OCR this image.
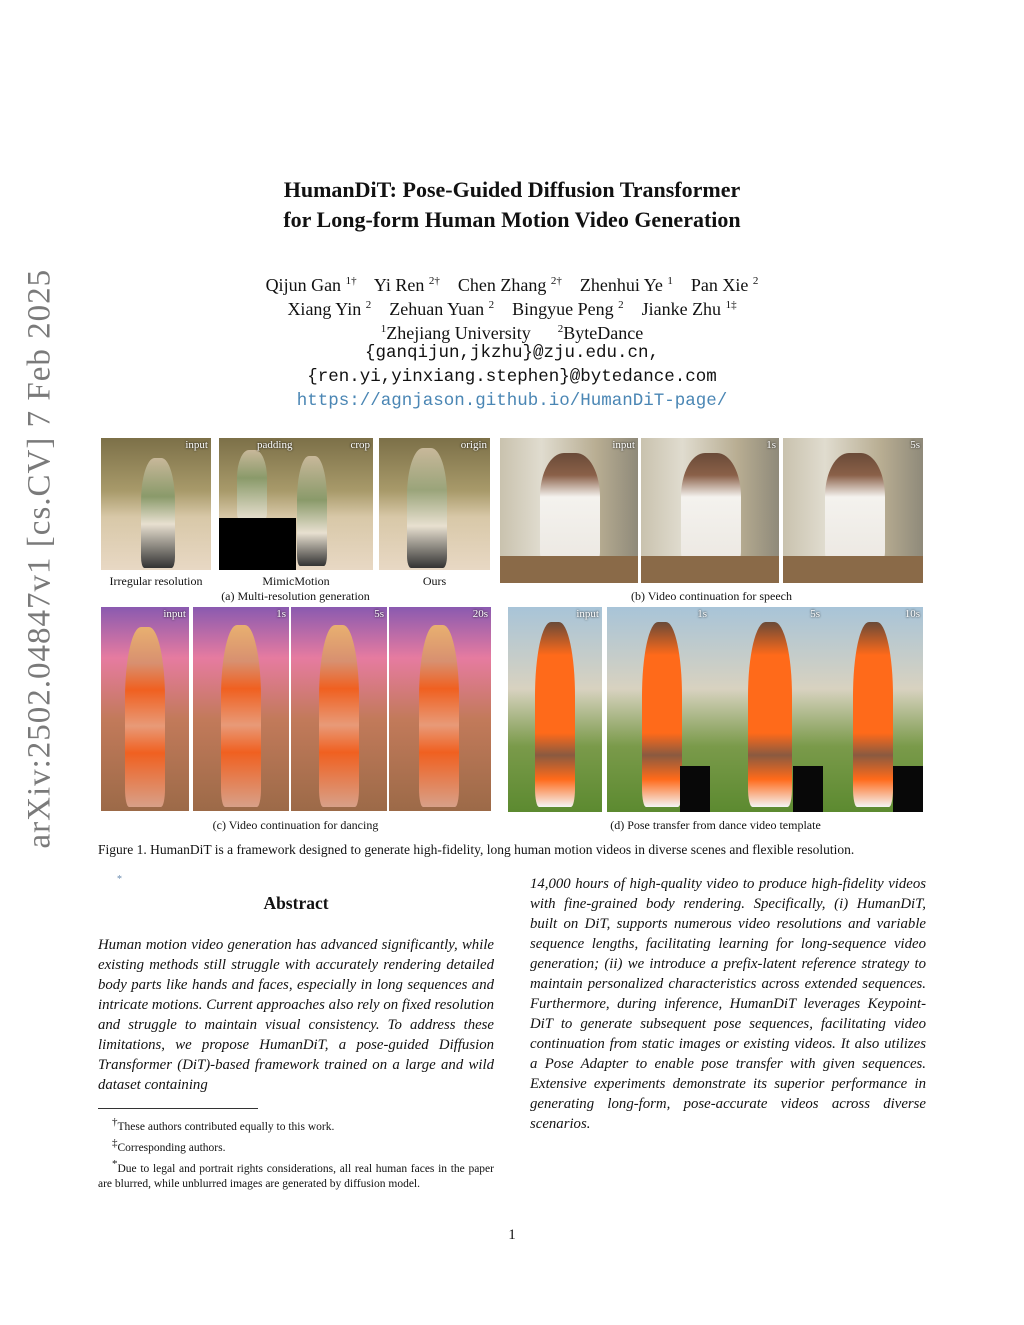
arXiv:2502.04847v1 [cs.CV] 7 Feb 2025
HumanDiT: Pose-Guided Diffusion Transformer
for Long-form Human Motion Video Generation
Qijun Gan $^{1\dagger}$ Yi Ren $^{2\dagger}$ Chen Zhang $^{2\dagger}$ Zhenhui Ye $^1$ Pan Xie $^2$
Xiang Yin $^2$ Zehuan Yuan $^2$ Bingyue Peng $^2$ Jianke Zhu $^{1\ddagger}$
$^1$Zhejiang University $^2$ByteDance
{ganqijun,jkzhu}@zju.edu.cn,
{ren.yi,yinxiang.stephen}@bytedance.com
https://agnjason.github.io/HumanDiT-page/
input	padding	crop	origin
Irregular resolution	MimicMotion	Ours
(a) Multi-resolution generation
input	1s	5s
(b) Video continuation for speech
input	1s	5s	20s
(c) Video continuation for dancing
input	1s	5s	10s
(d) Pose transfer from dance video template
Figure 1. HumanDiT is a framework designed to generate high-fidelity, long human motion videos in diverse scenes and flexible resolution.
*
Abstract
Human motion video generation has advanced significantly, while existing methods still struggle with accurately rendering detailed body parts like hands and faces, especially in long sequences and intricate motions. Current approaches also rely on fixed resolution and struggle to maintain visual consistency. To address these limitations, we propose HumanDiT, a pose-guided Diffusion Transformer (DiT)-based framework trained on a large and wild dataset containing
14,000 hours of high-quality video to produce high-fidelity videos with fine-grained body rendering. Specifically, (i) HumanDiT, built on DiT, supports numerous video resolutions and variable sequence lengths, facilitating learning for long-sequence video generation; (ii) we introduce a prefix-latent reference strategy to maintain personalized characteristics across extended sequences. Furthermore, during inference, HumanDiT leverages Keypoint-DiT to generate subsequent pose sequences, facilitating video continuation from static images or existing videos. It also utilizes a Pose Adapter to enable pose transfer with given sequences. Extensive experiments demonstrate its superior performance in generating long-form, pose-accurate videos across diverse scenarios.
†These authors contributed equally to this work.
‡Corresponding authors.
*Due to legal and portrait rights considerations, all real human faces in the paper are blurred, while unblurred images are generated by diffusion model.
1
